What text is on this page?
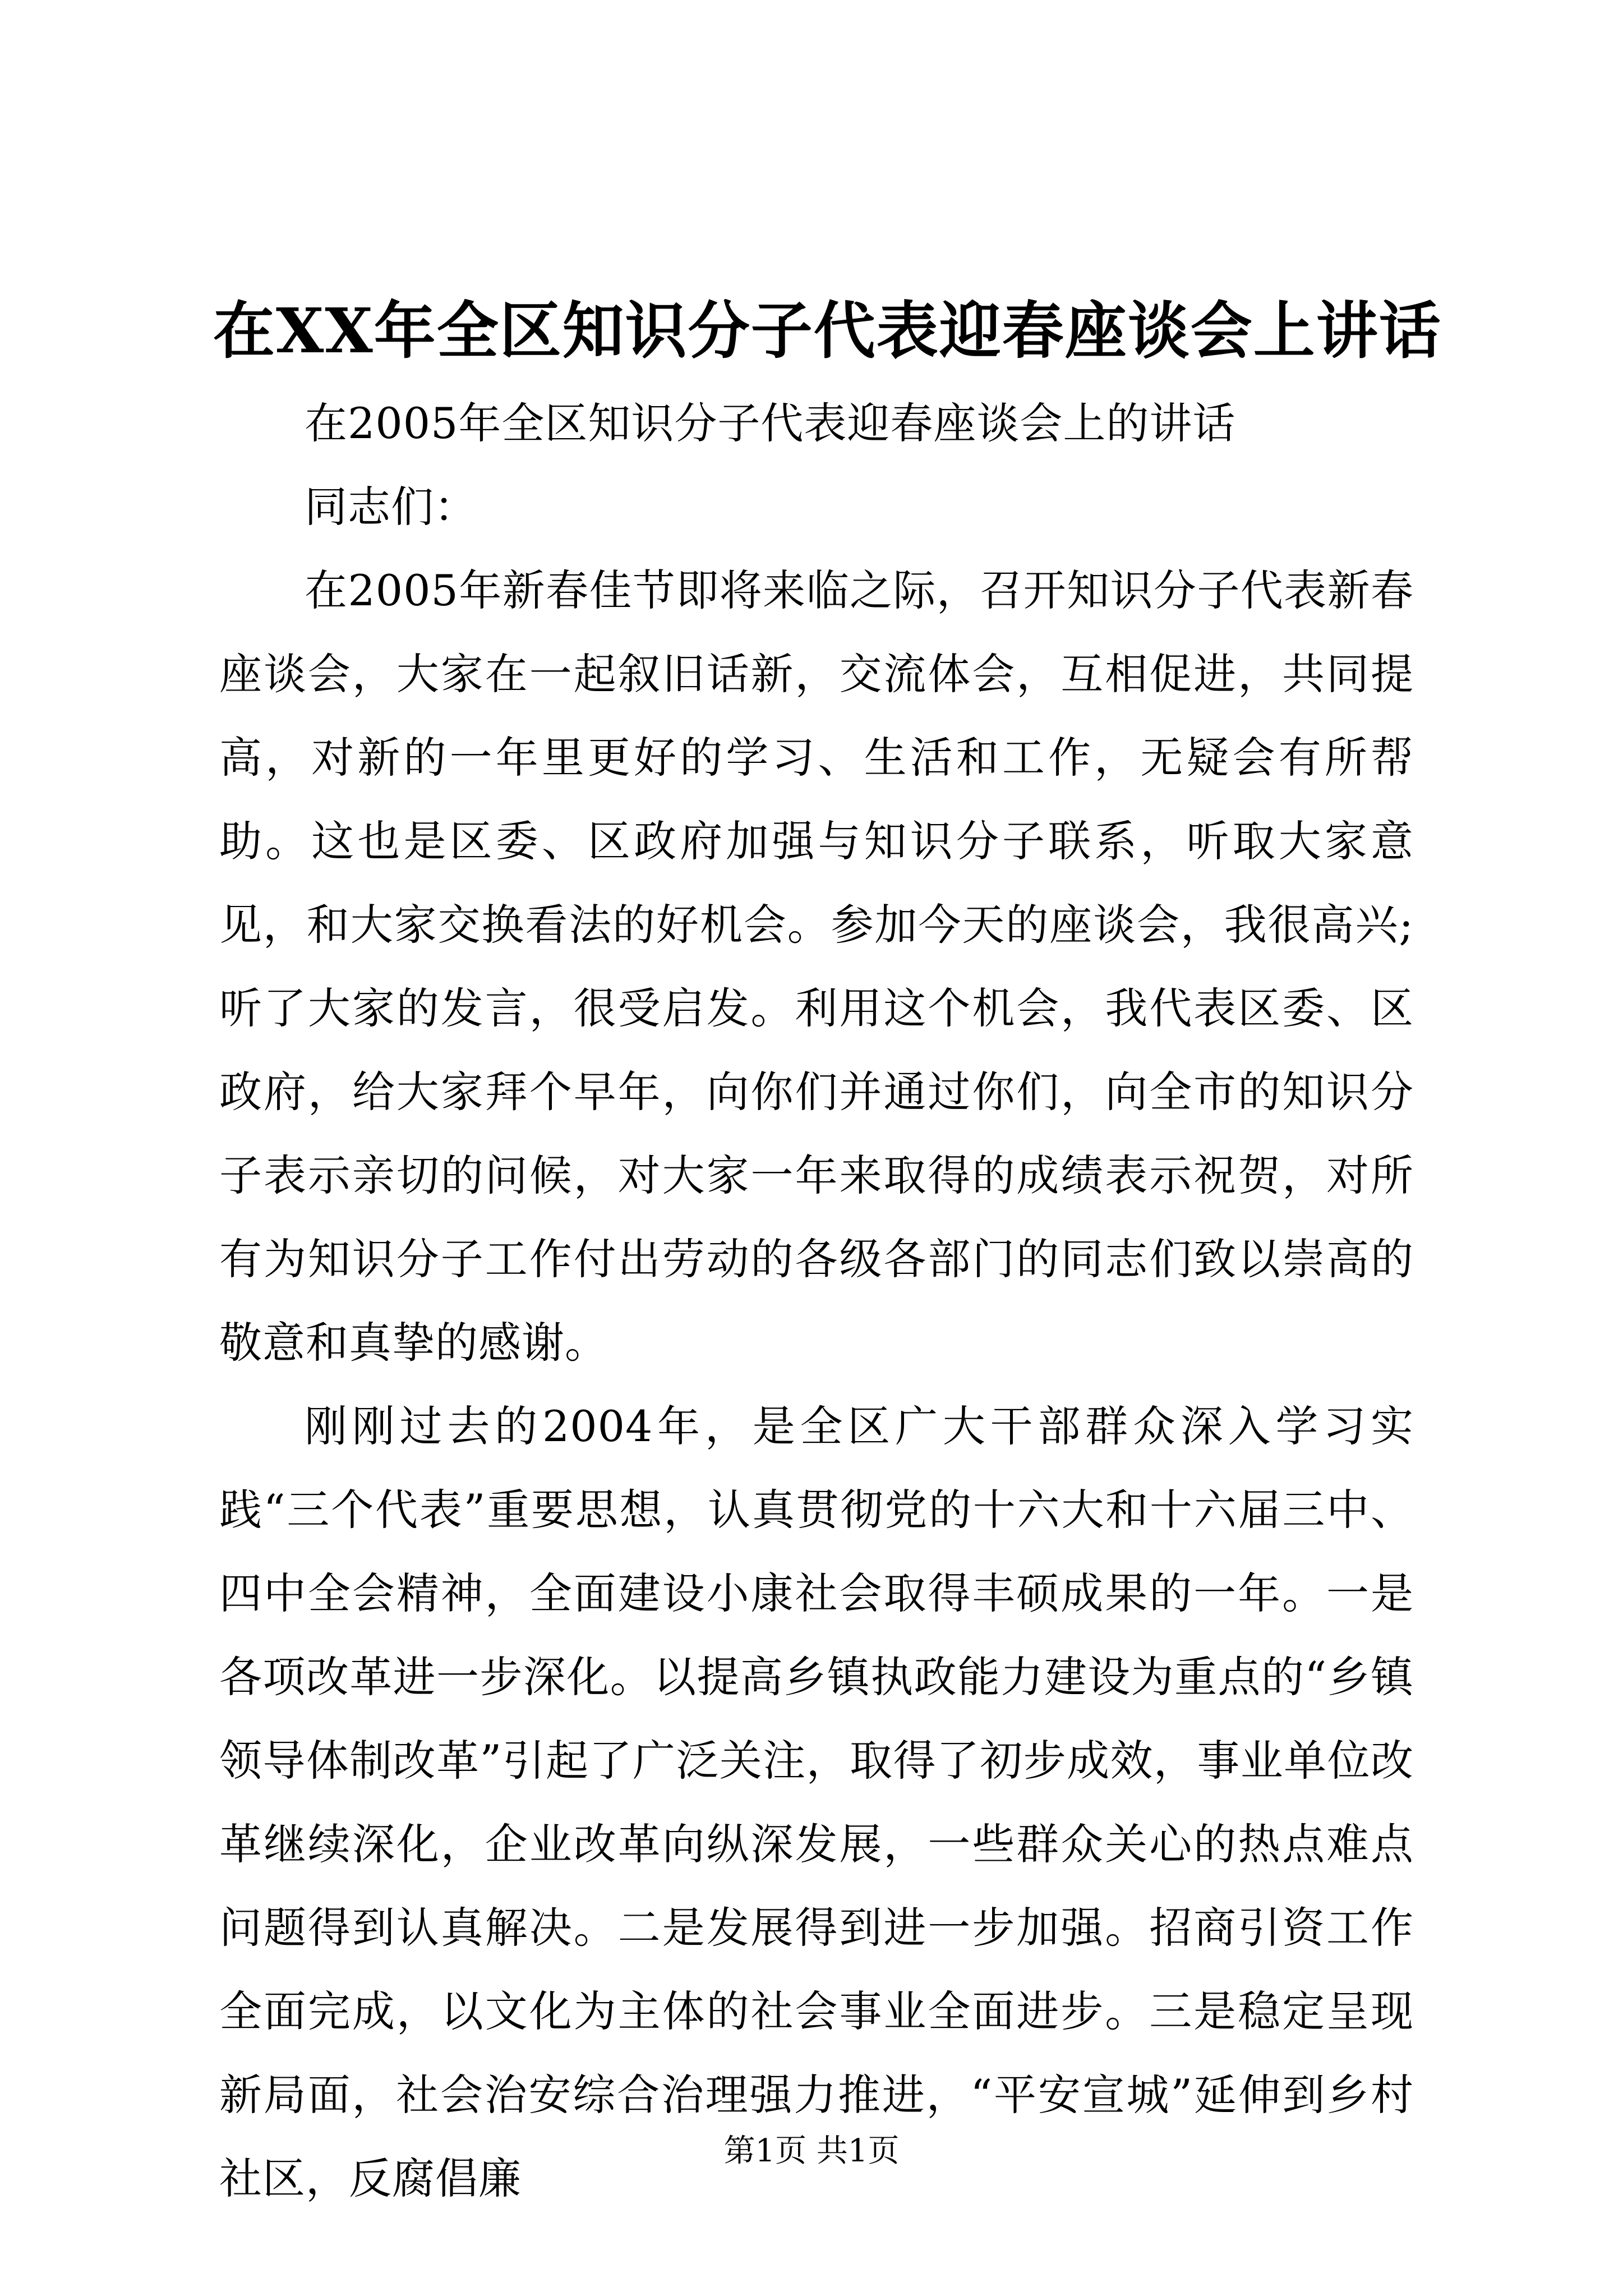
在XX年全区知识分子代表迎春座谈会上讲话

在2005年全区知识分子代表迎春座谈会上的讲话

同志们：

在2005年新春佳节即将来临之际，召开知识分子代表新春座谈会，大家在一起叙旧话新，交流体会，互相促进，共同提高，对新的一年里更好的学习、生活和工作，无疑会有所帮助。这也是区委、区政府加强与知识分子联系，听取大家意见，和大家交换看法的好机会。参加今天的座谈会，我很高兴;听了大家的发言，很受启发。利用这个机会，我代表区委、区政府，给大家拜个早年，向你们并通过你们，向全市的知识分子表示亲切的问候，对大家一年来取得的成绩表示祝贺，对所有为知识分子工作付出劳动的各级各部门的同志们致以崇高的敬意和真挚的感谢。

刚刚过去的2004年，是全区广大干部群众深入学习实践“三个代表”重要思想，认真贯彻党的十六大和十六届三中、四中全会精神，全面建设小康社会取得丰硕成果的一年。一是各项改革进一步深化。以提高乡镇执政能力建设为重点的“乡镇领导体制改革”引起了广泛关注，取得了初步成效，事业单位改革继续深化，企业改革向纵深发展，一些群众关心的热点难点问题得到认真解决。二是发展得到进一步加强。招商引资工作全面完成，以文化为主体的社会事业全面进步。三是稳定呈现新局面，社会治安综合治理强力推进，“平安宣城”延伸到乡村社区，反腐倡廉

第1页 共1页
